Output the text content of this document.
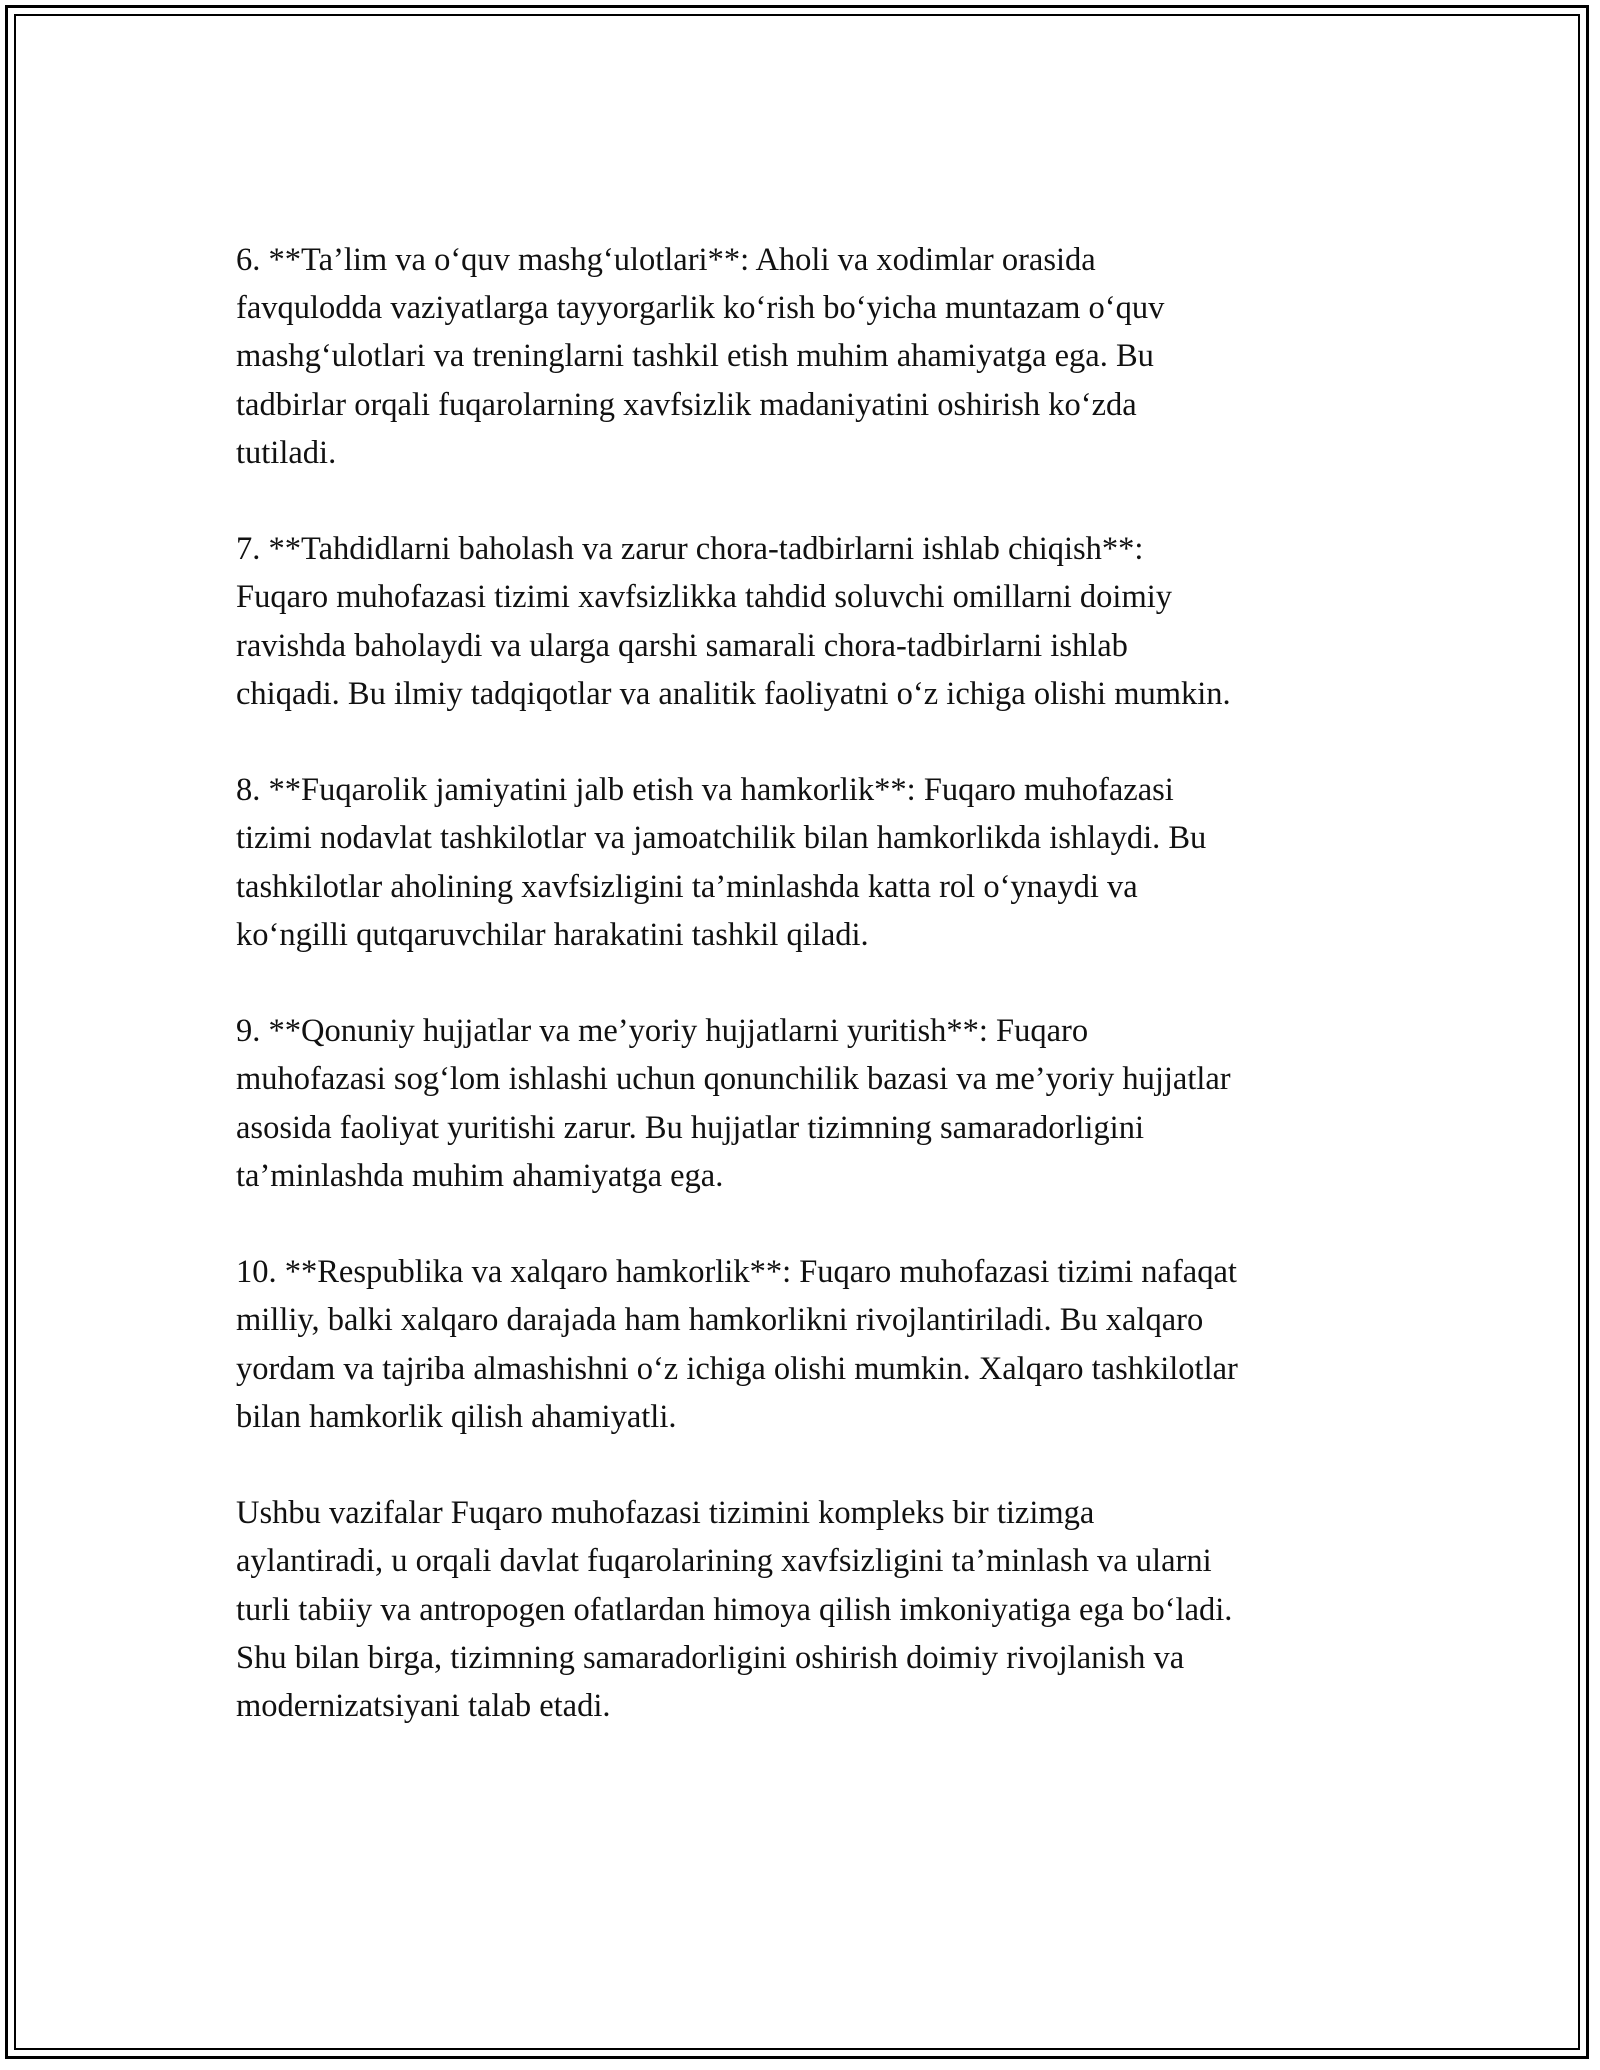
6. **Ta’lim va o‘quv mashg‘ulotlari**: Aholi va xodimlar orasida
favqulodda vaziyatlarga tayyorgarlik ko‘rish bo‘yicha muntazam o‘quv
mashg‘ulotlari va treninglarni tashkil etish muhim ahamiyatga ega. Bu
tadbirlar orqali fuqarolarning xavfsizlik madaniyatini oshirish ko‘zda
tutiladi.

7. **Tahdidlarni baholash va zarur chora-tadbirlarni ishlab chiqish**:
Fuqaro muhofazasi tizimi xavfsizlikka tahdid soluvchi omillarni doimiy
ravishda baholaydi va ularga qarshi samarali chora-tadbirlarni ishlab
chiqadi. Bu ilmiy tadqiqotlar va analitik faoliyatni o‘z ichiga olishi mumkin.

8. **Fuqarolik jamiyatini jalb etish va hamkorlik**: Fuqaro muhofazasi
tizimi nodavlat tashkilotlar va jamoatchilik bilan hamkorlikda ishlaydi. Bu
tashkilotlar aholining xavfsizligini ta’minlashda katta rol o‘ynaydi va
ko‘ngilli qutqaruvchilar harakatini tashkil qiladi.

9. **Qonuniy hujjatlar va me’yoriy hujjatlarni yuritish**: Fuqaro
muhofazasi sog‘lom ishlashi uchun qonunchilik bazasi va me’yoriy hujjatlar
asosida faoliyat yuritishi zarur. Bu hujjatlar tizimning samaradorligini
ta’minlashda muhim ahamiyatga ega.

10. **Respublika va xalqaro hamkorlik**: Fuqaro muhofazasi tizimi nafaqat
milliy, balki xalqaro darajada ham hamkorlikni rivojlantiriladi. Bu xalqaro
yordam va tajriba almashishni o‘z ichiga olishi mumkin. Xalqaro tashkilotlar
bilan hamkorlik qilish ahamiyatli.

Ushbu vazifalar Fuqaro muhofazasi tizimini kompleks bir tizimga
aylantiradi, u orqali davlat fuqarolarining xavfsizligini ta’minlash va ularni
turli tabiiy va antropogen ofatlardan himoya qilish imkoniyatiga ega bo‘ladi.
Shu bilan birga, tizimning samaradorligini oshirish doimiy rivojlanish va
modernizatsiyani talab etadi.
